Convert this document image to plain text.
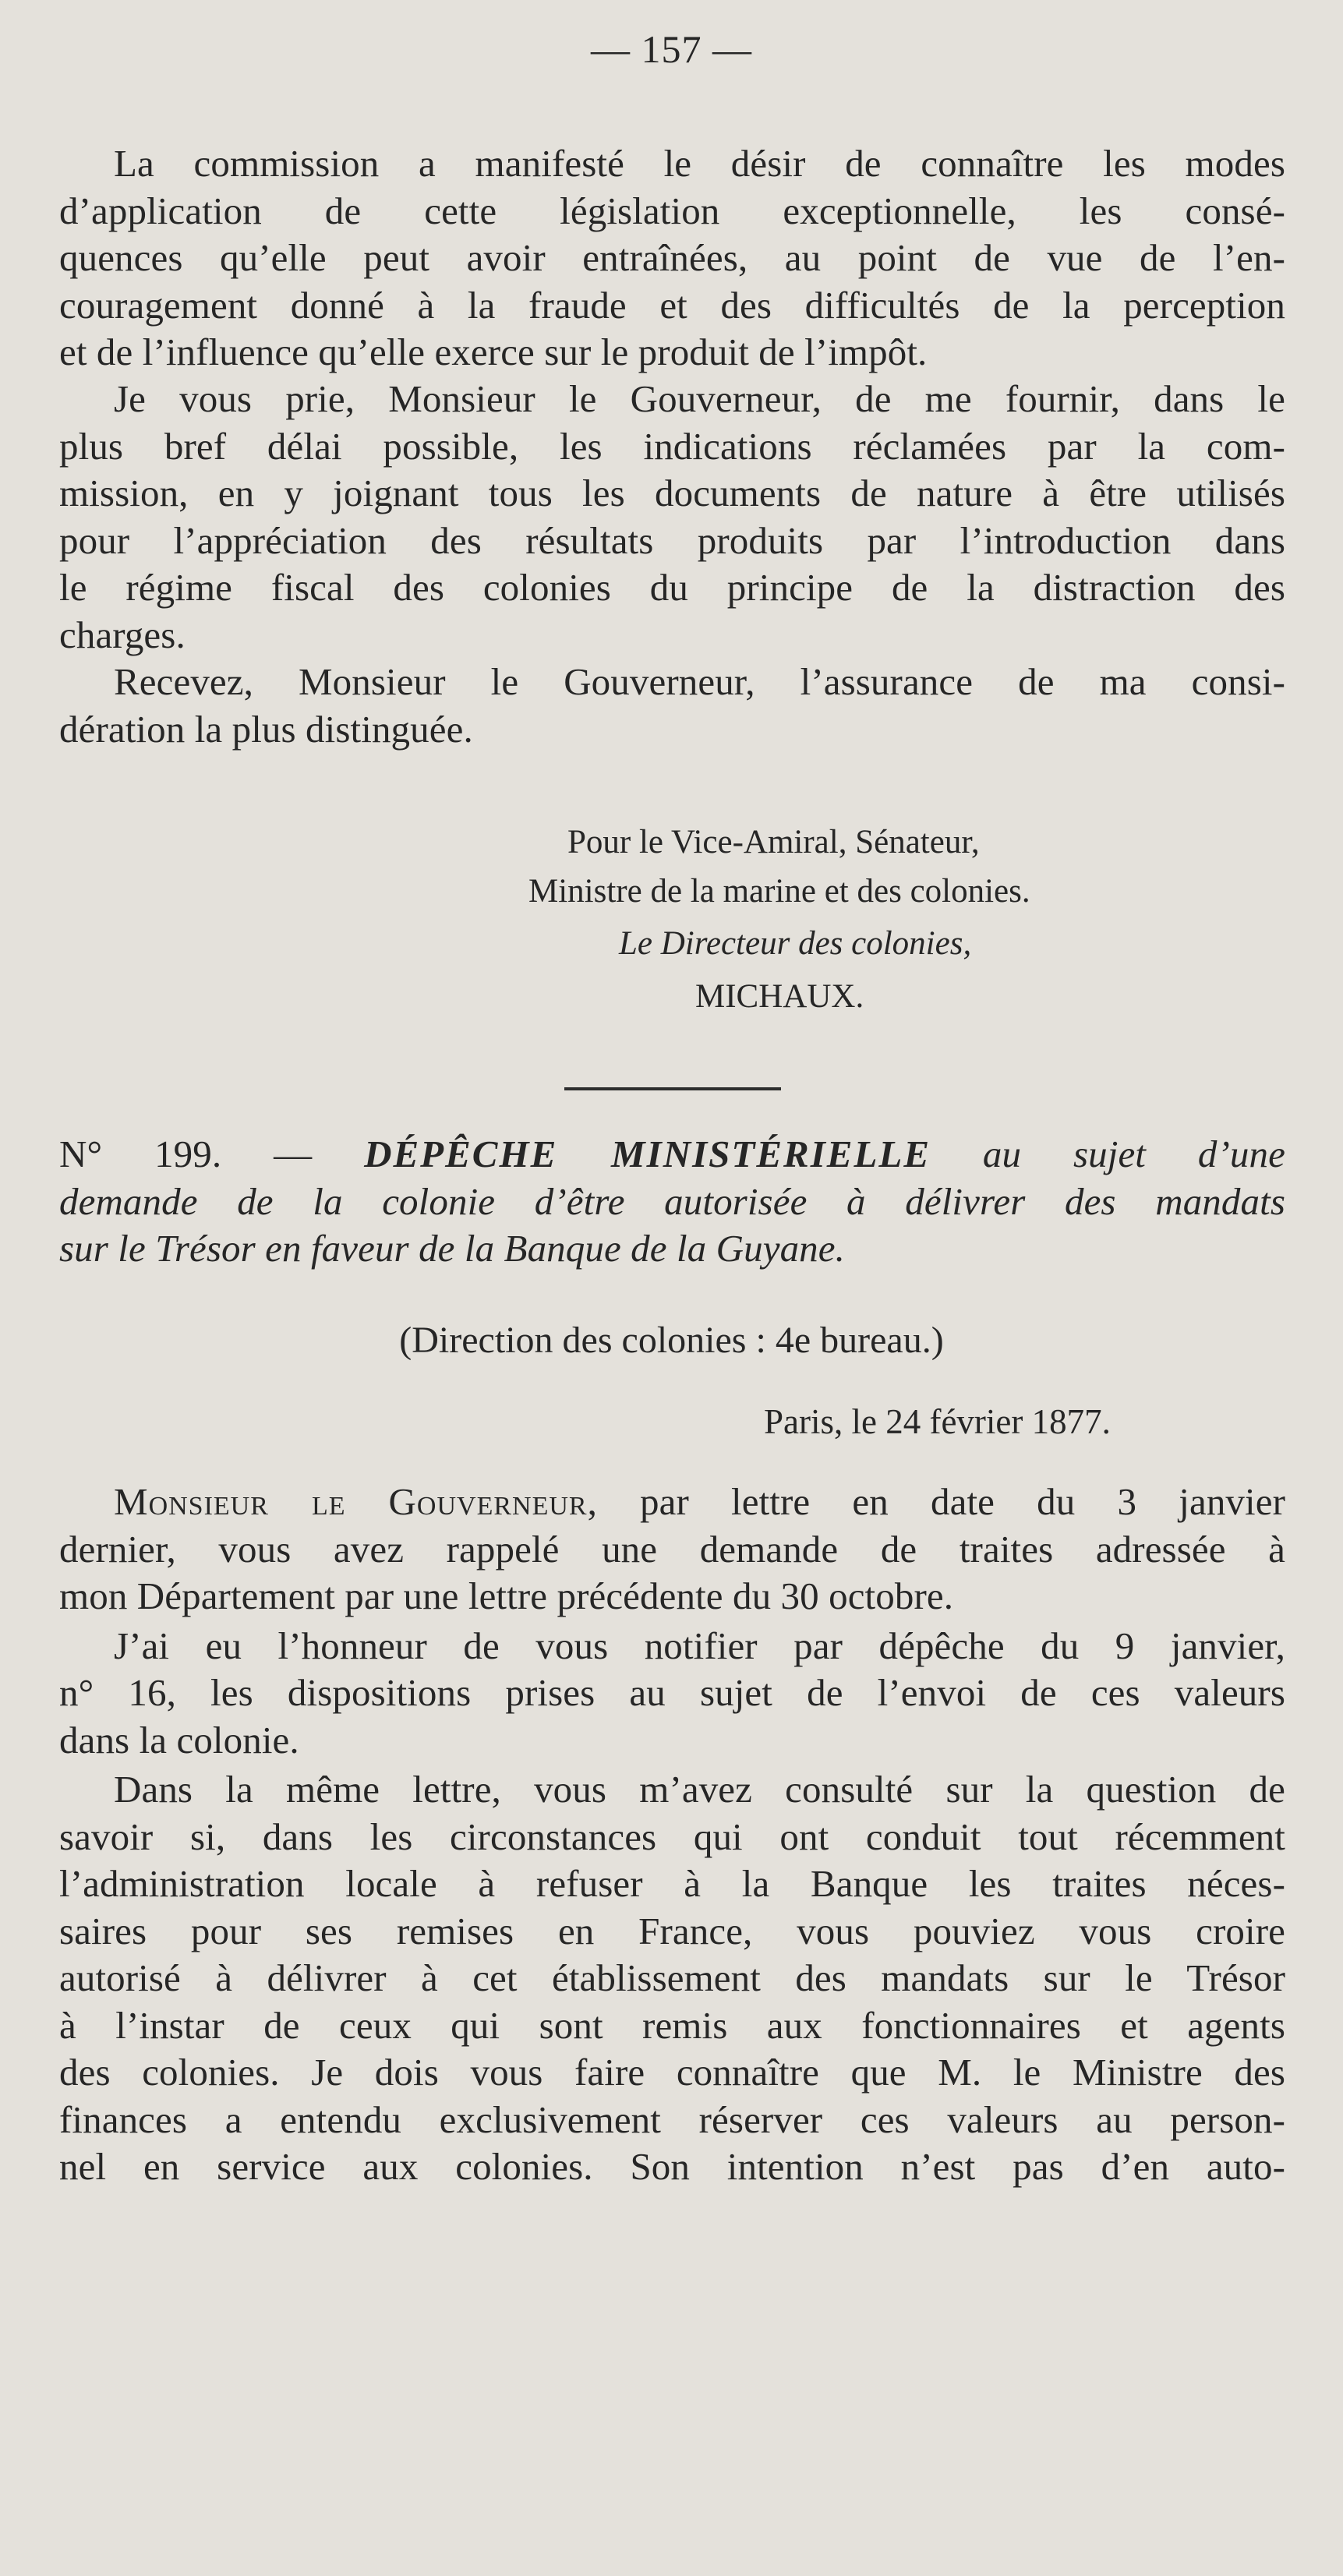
— 157 —
La commission a manifesté le désir de connaître les modes
d’application de cette législation exceptionnelle, les consé-
quences qu’elle peut avoir entraînées, au point de vue de l’en-
couragement donné à la fraude et des difficultés de la perception
et de l’influence qu’elle exerce sur le produit de l’impôt.
Je vous prie, Monsieur le Gouverneur, de me fournir, dans le
plus bref délai possible, les indications réclamées par la com-
mission, en y joignant tous les documents de nature à être utilisés
pour l’appréciation des résultats produits par l’introduction dans
le régime fiscal des colonies du principe de la distraction des
charges.
Recevez, Monsieur le Gouverneur, l’assurance de ma consi-
dération la plus distinguée.
Pour le Vice-Amiral, Sénateur,
Ministre de la marine et des colonies.
Le Directeur des colonies,
MICHAUX.
N° 199. — DÉPÊCHE MINISTÉRIELLE au sujet d’une
demande de la colonie d’être autorisée à délivrer des mandats
sur le Trésor en faveur de la Banque de la Guyane.
(Direction des colonies : 4e bureau.)
Paris, le 24 février 1877.
Monsieur le Gouverneur, par lettre en date du 3 janvier
dernier, vous avez rappelé une demande de traites adressée à
mon Département par une lettre précédente du 30 octobre.
J’ai eu l’honneur de vous notifier par dépêche du 9 janvier,
n° 16, les dispositions prises au sujet de l’envoi de ces valeurs
dans la colonie.
Dans la même lettre, vous m’avez consulté sur la question de
savoir si, dans les circonstances qui ont conduit tout récemment
l’administration locale à refuser à la Banque les traites néces-
saires pour ses remises en France, vous pouviez vous croire
autorisé à délivrer à cet établissement des mandats sur le Trésor
à l’instar de ceux qui sont remis aux fonctionnaires et agents
des colonies. Je dois vous faire connaître que M. le Ministre des
finances a entendu exclusivement réserver ces valeurs au person-
nel en service aux colonies. Son intention n’est pas d’en auto-
